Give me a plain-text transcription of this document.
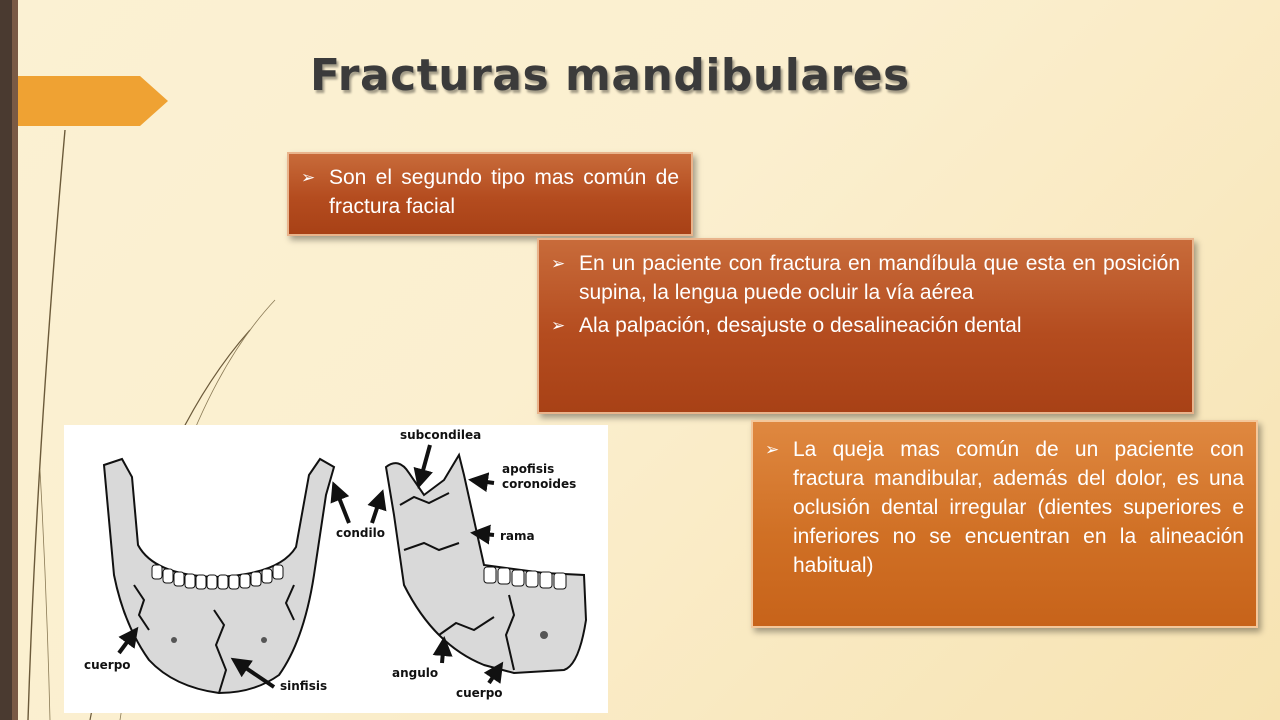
Fracturas mandibulares
➢ Son el segundo tipo mas común de fractura facial
➢ En un paciente con fractura en mandíbula que esta en posición supina, la lengua puede ocluir la vía aérea
➢ Ala palpación, desajuste o desalineación dental
➢ La queja mas común de un paciente con fractura mandibular, además del dolor, es una oclusión dental irregular (dientes superiores e inferiores no se encuentran en la alineación habitual)
subcondilea
apofisis
coronoides
condilo	rama
cuerpo
sinfisis
angulo
cuerpo
